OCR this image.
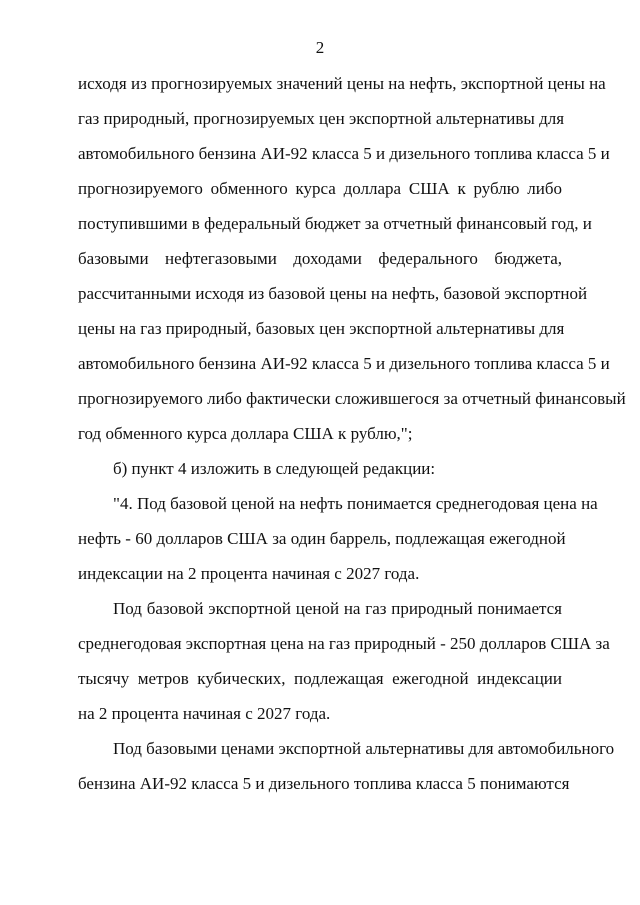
2
исходя из прогнозируемых значений цены на нефть, экспортной цены на
газ природный, прогнозируемых цен экспортной альтернативы для
автомобильного бензина АИ-92 класса 5 и дизельного топлива класса 5 и
прогнозируемого обменного курса доллара США к рублю либо
поступившими в федеральный бюджет за отчетный финансовый год, и
базовыми нефтегазовыми доходами федерального бюджета,
рассчитанными исходя из базовой цены на нефть, базовой экспортной
цены на газ природный, базовых цен экспортной альтернативы для
автомобильного бензина АИ-92 класса 5 и дизельного топлива класса 5 и
прогнозируемого либо фактически сложившегося за отчетный финансовый
год обменного курса доллара США к рублю,";
б) пункт 4 изложить в следующей редакции:
"4. Под базовой ценой на нефть понимается среднегодовая цена на
нефть - 60 долларов США за один баррель, подлежащая ежегодной
индексации на 2 процента начиная с 2027 года.
Под базовой экспортной ценой на газ природный понимается
среднегодовая экспортная цена на газ природный - 250 долларов США за
тысячу метров кубических, подлежащая ежегодной индексации
на 2 процента начиная с 2027 года.
Под базовыми ценами экспортной альтернативы для автомобильного
бензина АИ-92 класса 5 и дизельного топлива класса 5 понимаются
